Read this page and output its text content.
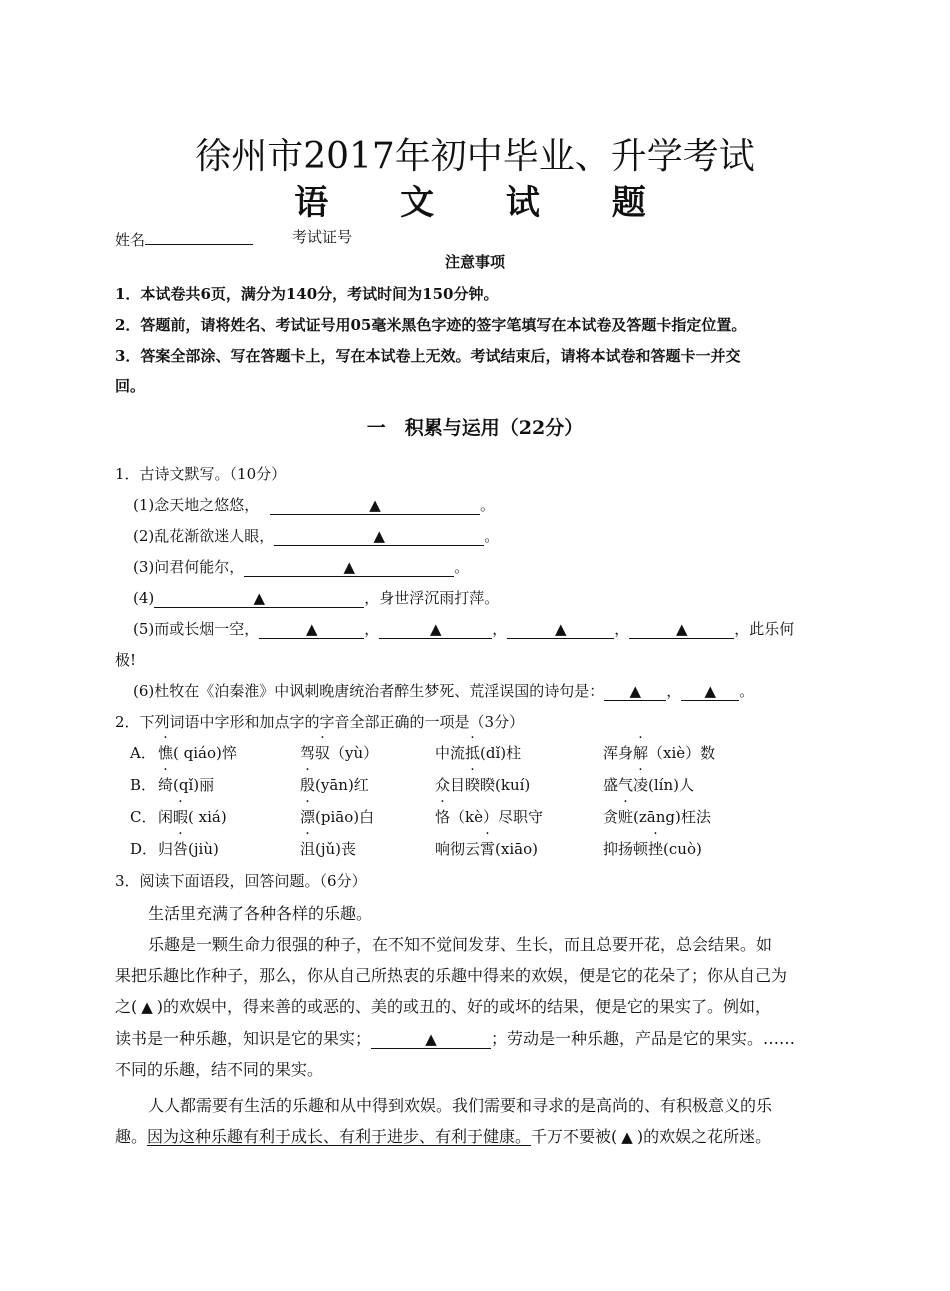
徐州市2017年初中毕业、升学考试
语 文 试 题
姓名	考试证号
注意事项
1．本试卷共6页，满分为140分，考试时间为150分钟。
2．答题前，请将姓名、考试证号用05毫米黑色字迹的签字笔填写在本试卷及答题卡指定位置。
3．答案全部涂、写在答题卡上，写在本试卷上无效。考试结束后，请将本试卷和答题卡一并交
回。
一　积累与运用（22分）
1．古诗文默写。（10分）
(1)念天地之悠悠，	▲	。
(2)乱花渐欲迷人眼，	▲	。
(3)问君何能尔，	▲	。
(4)	▲	，身世浮沉雨打萍。
(5)而或长烟一空，	▲	，	▲	，	▲	，	▲	，此乐何
极!
(6)杜牧在《泊秦淮》中讽刺晚唐统治者醉生梦死、荒淫误国的诗句是： ▲ ， ▲ 。
2．下列词语中字形和加点字的字音全部正确的一项是（3分）
A． 憔( qiáo)悴	驾驭（yù）	中流抵(dǐ)柱	浑身解（xiè）数
B． 绮(qǐ)丽	殷(yān)红	众目睽睽(kuí)	盛气凌(lín)人
C． 闲暇( xiá)	漂(piāo)白	恪（kè）尽职守	贪赃(zāng)枉法
D． 归咎(jiù)	沮(jǔ)丧	响彻云霄(xiāo)	抑扬顿挫(cuò)
3．阅读下面语段，回答问题。（6分）
生活里充满了各种各样的乐趣。
乐趣是一颗生命力很强的种子，在不知不觉间发芽、生长，而且总要开花，总会结果。如
果把乐趣比作种子，那么，你从自己所热衷的乐趣中得来的欢娱，便是它的花朵了；你从自己为
之( ▲ )的欢娱中，得来善的或恶的、美的或丑的、好的或坏的结果，便是它的果实了。例如，
读书是一种乐趣，知识是它的果实；	▲	；劳动是一种乐趣，产品是它的果实。……
不同的乐趣，结不同的果实。
人人都需要有生活的乐趣和从中得到欢娱。我们需要和寻求的是高尚的、有积极意义的乐
趣。因为这种乐趣有利于成长、有利于进步、有利于健康。千万不要被( ▲ )的欢娱之花所迷。
